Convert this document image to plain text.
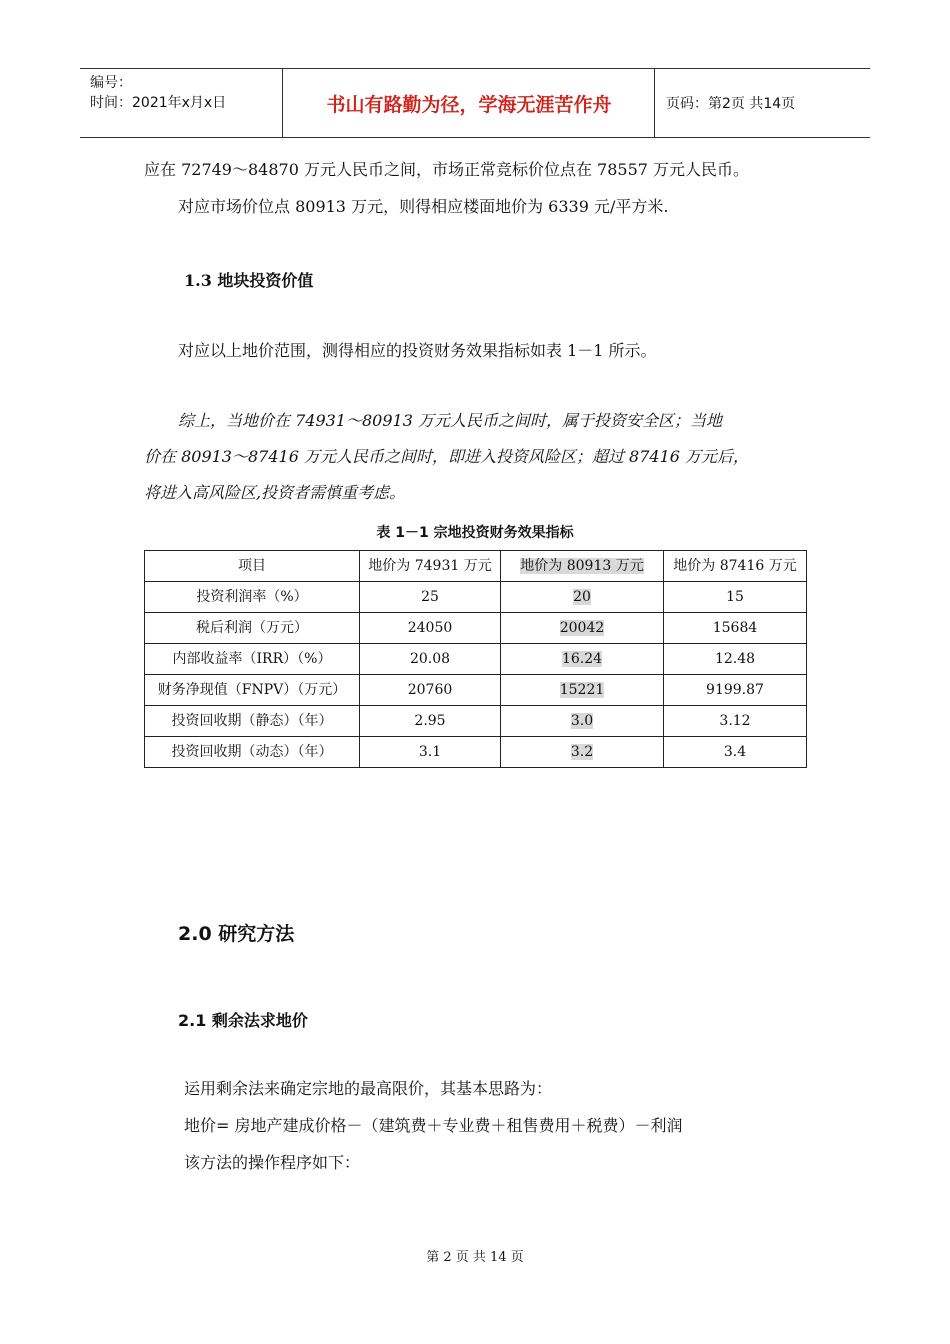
编号：
时间：2021年x月x日	书山有路勤为径，学海无涯苦作舟	页码：第2页 共14页
应在 72749～84870 万元人民币之间，市场正常竞标价位点在 78557 万元人民币。
对应市场价位点 80913 万元，则得相应楼面地价为 6339 元/平方米.
1.3 地块投资价值
对应以上地价范围，测得相应的投资财务效果指标如表 1－1 所示。
综上，当地价在 74931～80913 万元人民币之间时，属于投资安全区；当地
价在 80913～87416 万元人民币之间时，即进入投资风险区；超过 87416 万元后，
将进入高风险区,投资者需慎重考虑。
表 1－1 宗地投资财务效果指标
项目	地价为 74931 万元	地价为 80913 万元	地价为 87416 万元
投资利润率（%）	25	20	15
税后利润（万元）	24050	20042	15684
内部收益率（IRR）（%）	20.08	16.24	12.48
财务净现值（FNPV）（万元）	20760	15221	9199.87
投资回收期（静态）（年）	2.95	3.0	3.12
投资回收期（动态）（年）	3.1	3.2	3.4
2.0 研究方法
2.1 剩余法求地价
运用剩余法来确定宗地的最高限价，其基本思路为：
地价= 房地产建成价格－（建筑费＋专业费＋租售费用＋税费）－利润
该方法的操作程序如下：
第 2 页 共 14 页
